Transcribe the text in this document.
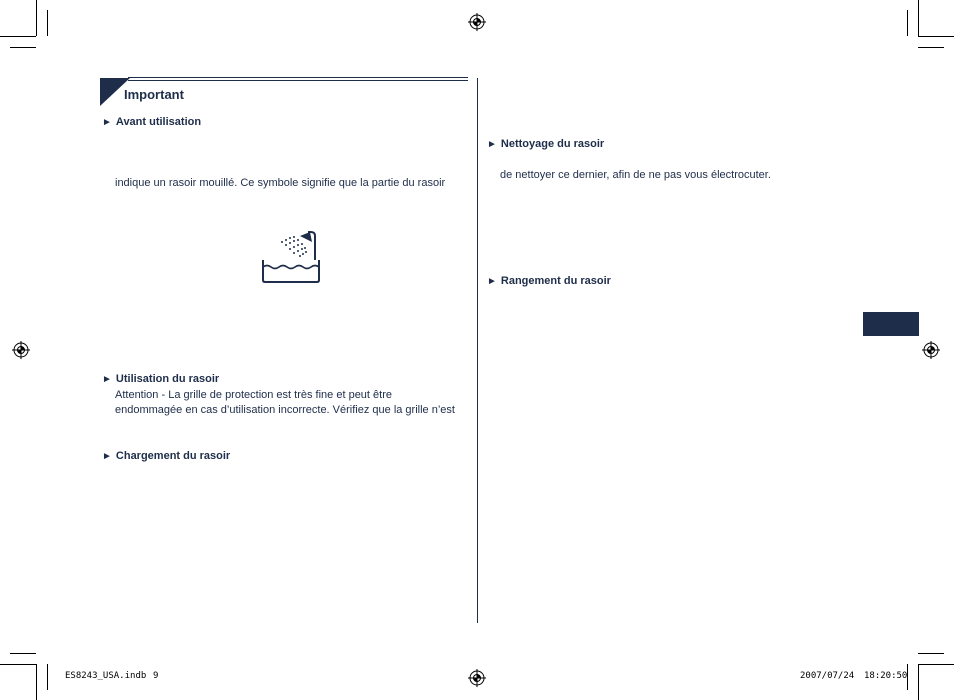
Important
► Avant utilisation
indique un rasoir mouillé. Ce symbole signifie que la partie du rasoir
► Utilisation du rasoir
Attention - La grille de protection est très fine et peut être
endommagée en cas d’utilisation incorrecte. Vérifiez que la grille n’est
► Chargement du rasoir
► Nettoyage du rasoir
de nettoyer ce dernier, afin de ne pas vous électrocuter.
► Rangement du rasoir
ES8243_USA.indb 9	2007/07/24 18:20:50
